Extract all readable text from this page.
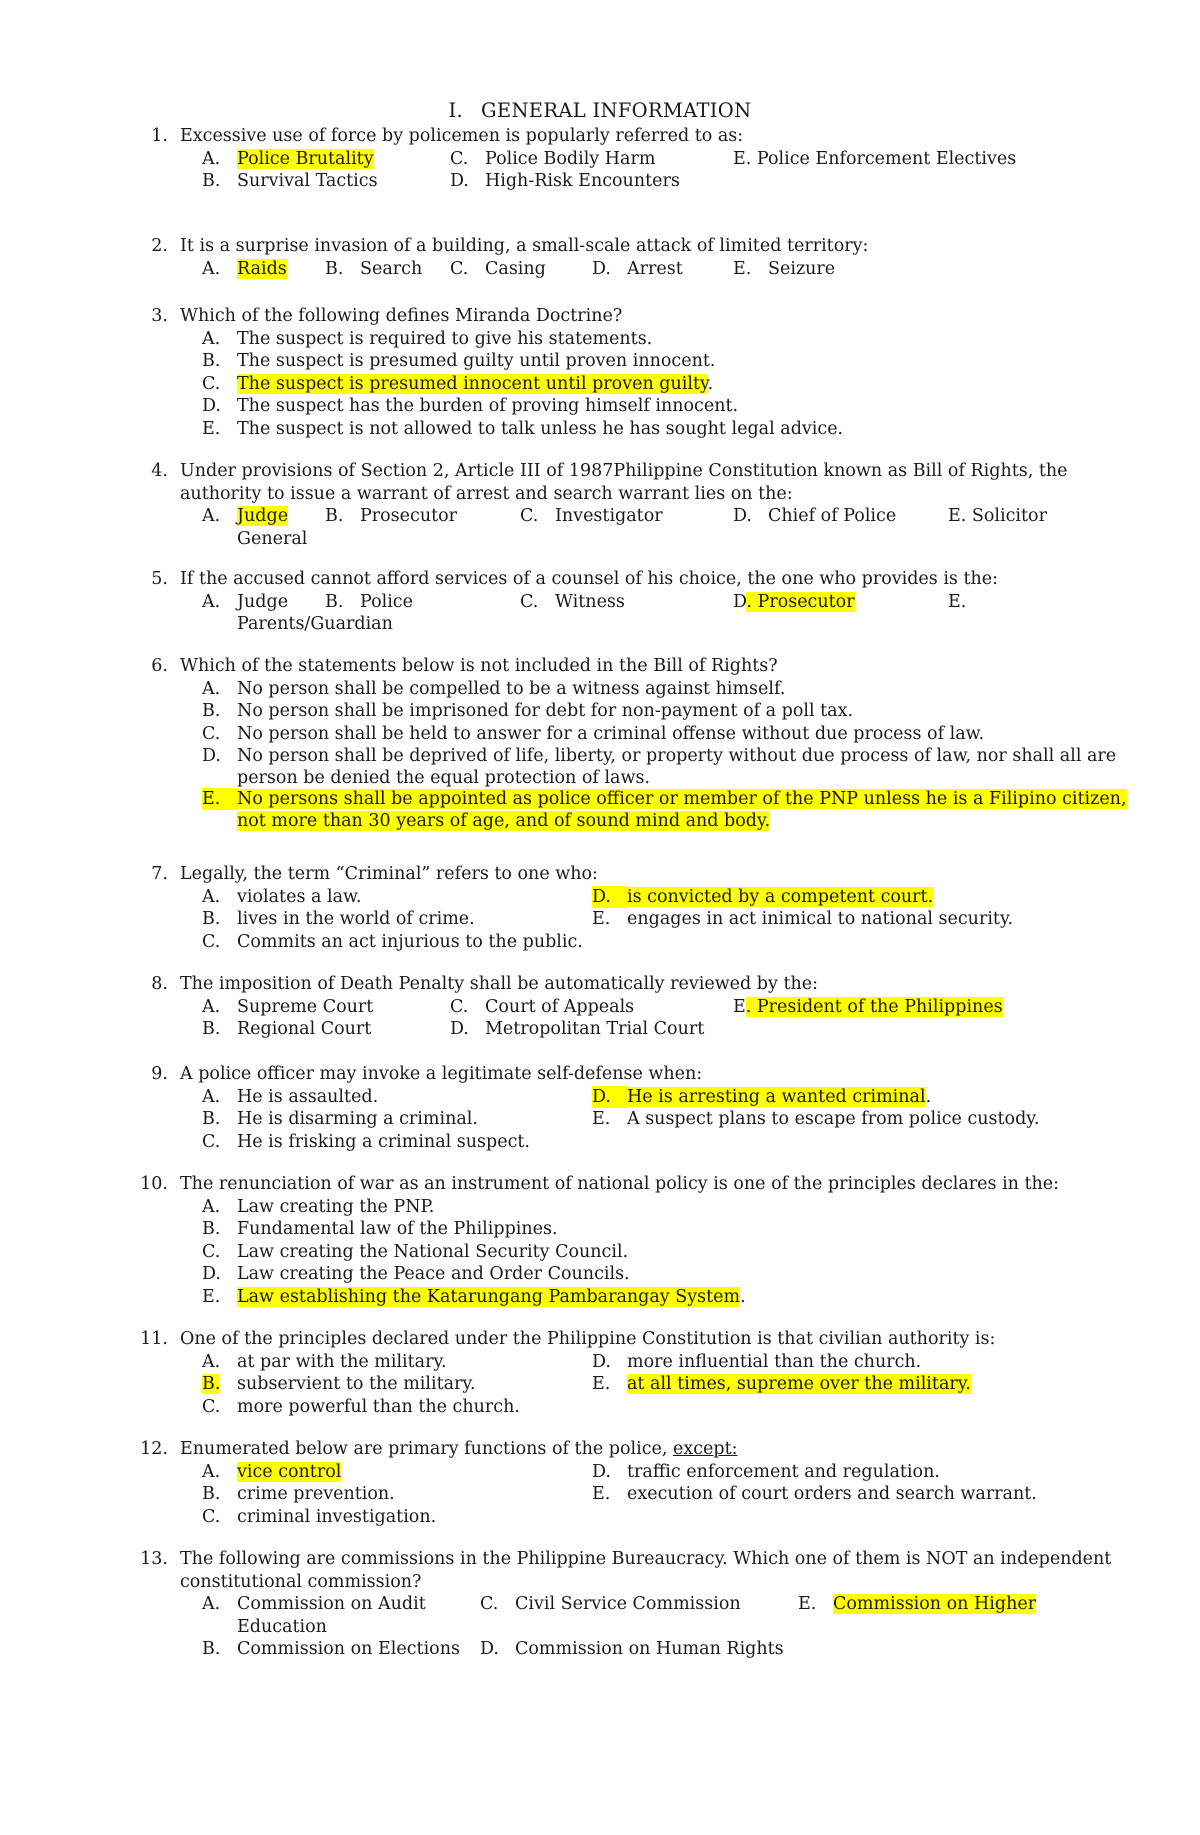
I. GENERAL INFORMATION
1. Excessive use of force by policemen is popularly referred to as:
A. Police Brutality	C. Police Bodily Harm	E. Police Enforcement Electives
B. Survival Tactics	D. High-Risk Encounters
2. It is a surprise invasion of a building, a small-scale attack of limited territory:
A. Raids B. Search C. Casing	D. Arrest	E. Seizure
3. Which of the following defines Miranda Doctrine?
A. The suspect is required to give his statements.
B. The suspect is presumed guilty until proven innocent.
C. The suspect is presumed innocent until proven guilty.
D. The suspect has the burden of proving himself innocent.
E. The suspect is not allowed to talk unless he has sought legal advice.
4. Under provisions of Section 2, Article III of 1987Philippine Constitution known as Bill of Rights, the
authority to issue a warrant of arrest and search warrant lies on the:
A. Judge B. Prosecutor	C. Investigator	D. Chief of Police	E. Solicitor
General
5. If the accused cannot afford services of a counsel of his choice, the one who provides is the:
A. Judge B. Police	C. Witness	D. Prosecutor	E.
Parents/Guardian
6. Which of the statements below is not included in the Bill of Rights?
A. No person shall be compelled to be a witness against himself.
B. No person shall be imprisoned for debt for non-payment of a poll tax.
C. No person shall be held to answer for a criminal offense without due process of law.
D. No person shall be deprived of life, liberty, or property without due process of law, nor shall all are
person be denied the equal protection of laws.
E. No persons shall be appointed as police officer or member of the PNP unless he is a Filipino citizen,
not more than 30 years of age, and of sound mind and body.
7. Legally, the term “Criminal” refers to one who:
A. violates a law.	D. is convicted by a competent court.
B. lives in the world of crime.	E. engages in act inimical to national security.
C. Commits an act injurious to the public.
8. The imposition of Death Penalty shall be automatically reviewed by the:
A. Supreme Court	C. Court of Appeals	E. President of the Philippines
B. Regional Court	D. Metropolitan Trial Court
9. A police officer may invoke a legitimate self-defense when:
A. He is assaulted.	D. He is arresting a wanted criminal.
B. He is disarming a criminal.	E. A suspect plans to escape from police custody.
C. He is frisking a criminal suspect.
10. The renunciation of war as an instrument of national policy is one of the principles declares in the:
A. Law creating the PNP.
B. Fundamental law of the Philippines.
C. Law creating the National Security Council.
D. Law creating the Peace and Order Councils.
E. Law establishing the Katarungang Pambarangay System.
11. One of the principles declared under the Philippine Constitution is that civilian authority is:
A. at par with the military.	D. more influential than the church.
B. subservient to the military.	E. at all times, supreme over the military.
C. more powerful than the church.
12. Enumerated below are primary functions of the police, except:
A. vice control	D. traffic enforcement and regulation.
B. crime prevention.	E. execution of court orders and search warrant.
C. criminal investigation.
13. The following are commissions in the Philippine Bureaucracy. Which one of them is NOT an independent
constitutional commission?
A. Commission on Audit	C. Civil Service Commission	E. Commission on Higher
Education
B. Commission on Elections D. Commission on Human Rights
